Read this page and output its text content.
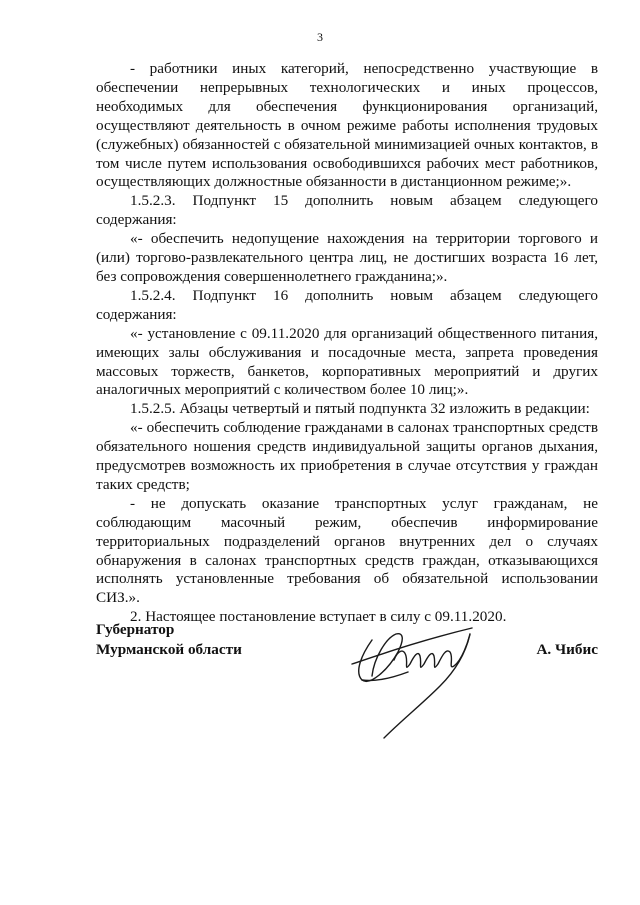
3

- работники иных категорий, непосредственно участвующие в обеспечении непрерывных технологических и иных процессов, необходимых для обеспечения функционирования организаций, осуществляют деятельность в очном режиме работы исполнения трудовых (служебных) обязанностей с обязательной минимизацией очных контактов, в том числе путем использования освободившихся рабочих мест работников, осуществляющих должностные обязанности в дистанционном режиме;».

1.5.2.3. Подпункт 15 дополнить новым абзацем следующего содержания:

«- обеспечить недопущение нахождения на территории торгового и (или) торгово-развлекательного центра лиц, не достигших возраста 16 лет, без сопровождения совершеннолетнего гражданина;».

1.5.2.4. Подпункт 16 дополнить новым абзацем следующего содержания:

«- установление с 09.11.2020 для организаций общественного питания, имеющих залы обслуживания и посадочные места, запрета проведения массовых торжеств, банкетов, корпоративных мероприятий и других аналогичных мероприятий с количеством более 10 лиц;».

1.5.2.5. Абзацы четвертый и пятый подпункта 32 изложить в редакции:

«- обеспечить соблюдение гражданами в салонах транспортных средств обязательного ношения средств индивидуальной защиты органов дыхания, предусмотрев возможность их приобретения в случае отсутствия у граждан таких средств;

- не допускать оказание транспортных услуг гражданам, не соблюдающим масочный режим, обеспечив информирование территориальных подразделений органов внутренних дел о случаях обнаружения в салонах транспортных средств граждан, отказывающихся исполнять установленные требования об обязательной использовании СИЗ.».

2. Настоящее постановление вступает в силу с 09.11.2020.

Губернатор
Мурманской области	А. Чибис
